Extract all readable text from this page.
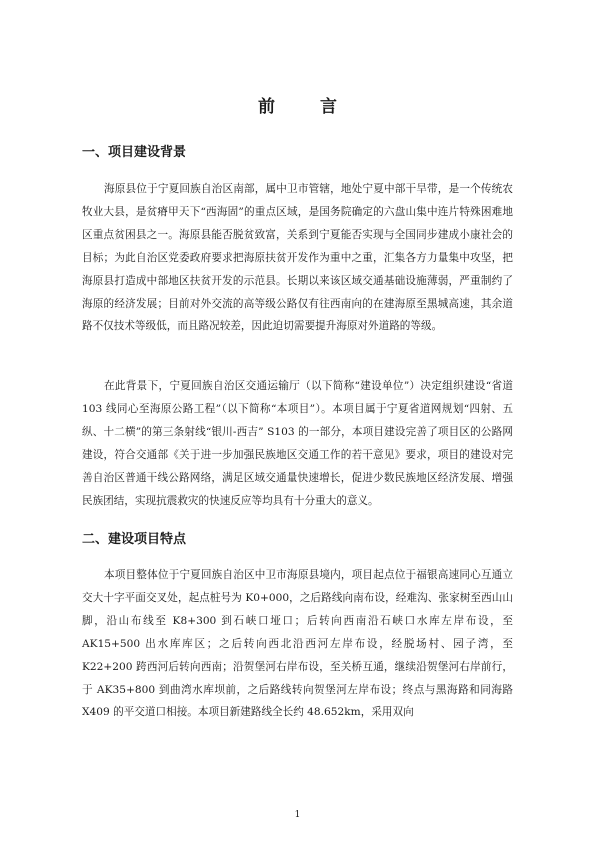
前　言
一、项目建设背景

海原县位于宁夏回族自治区南部，属中卫市管辖，地处宁夏中部干旱带，是一个传统农牧业大县，是贫瘠甲天下“西海固”的重点区域，是国务院确定的六盘山集中连片特殊困难地区重点贫困县之一。海原县能否脱贫致富，关系到宁夏能否实现与全国同步建成小康社会的目标；为此自治区党委政府要求把海原扶贫开发作为重中之重，汇集各方力量集中攻坚，把海原县打造成中部地区扶贫开发的示范县。长期以来该区域交通基础设施薄弱，严重制约了海原的经济发展；目前对外交流的高等级公路仅有往西南向的在建海原至黑城高速，其余道路不仅技术等级低，而且路况较差，因此迫切需要提升海原对外道路的等级。

在此背景下，宁夏回族自治区交通运输厅（以下简称“建设单位”）决定组织建设“省道 103 线同心至海原公路工程”（以下简称“本项目”）。本项目属于宁夏省道网规划“四射、五纵、十二横”的第三条射线“银川-西吉” S103 的一部分，本项目建设完善了项目区的公路网建设，符合交通部《关于进一步加强民族地区交通工作的若干意见》要求，项目的建设对完善自治区普通干线公路网络，满足区域交通量快速增长，促进少数民族地区经济发展、增强民族团结，实现抗震救灾的快速反应等均具有十分重大的意义。

二、建设项目特点

本项目整体位于宁夏回族自治区中卫市海原县境内，项目起点位于福银高速同心互通立交大十字平面交叉处，起点桩号为 K0+000，之后路线向南布设，经难沟、张家树至西山山脚，沿山布线至 K8+300 到石峡口垭口；后转向西南沿石峡口水库左岸布设，至 AK15+500 出水库库区；之后转向西北沿西河左岸布设，经脱场村、园子湾，至 K22+200 跨西河后转向西南；沿贺堡河右岸布设，至关桥互通，继续沿贺堡河右岸前行，于 AK35+800 到曲湾水库坝前，之后路线转向贺堡河左岸布设；终点与黑海路和同海路 X409 的平交道口相接。本项目新建路线全长约 48.652km，采用双向

1
